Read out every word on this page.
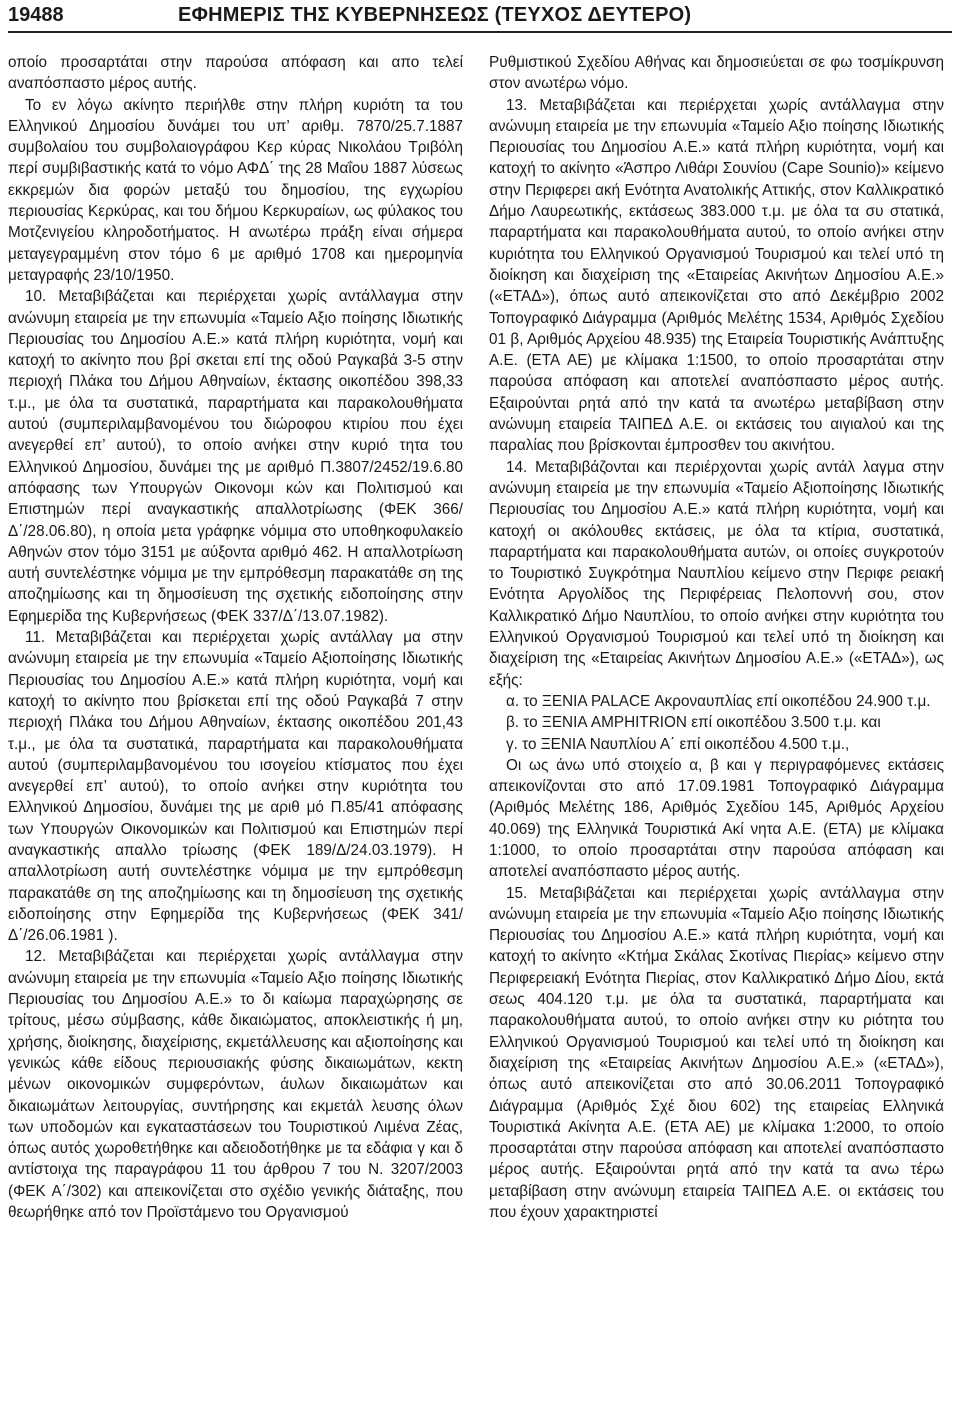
19488	ΕΦΗΜΕΡΙΣ ΤΗΣ ΚΥΒΕΡΝΗΣΕΩΣ (ΤΕΥΧΟΣ ΔΕΥΤΕΡΟ)

οποίο προσαρτάται στην παρούσα απόφαση και απο τελεί αναπόσπαστο μέρος αυτής.

Το εν λόγω ακίνητο περιήλθε στην πλήρη κυριότη τα του Ελληνικού Δημοσίου δυνάμει του υπ’ αριθμ. 7870/25.7.1887 συμβολαίου του συμβολαιογράφου Κερ κύρας Νικολάου Τριβόλη περί συμβιβαστικής κατά το νόμο ΑΦΔ΄ της 28 Μαΐου 1887 λύσεως εκκρεμών δια φορών μεταξύ του δημοσίου, της εγχωρίου περιουσίας Κερκύρας, και του δήμου Κερκυραίων, ως φύλακος του Μοτζενιγείου κληροδοτήματος. Η ανωτέρω πράξη είναι σήμερα μεταγεγραμμένη στον τόμο 6 με αριθμό 1708 και ημερομηνία μεταγραφής 23/10/1950.

10. Μεταβιβάζεται και περιέρχεται χωρίς αντάλλαγμα στην ανώνυμη εταιρεία με την επωνυμία «Ταμείο Αξιο ποίησης Ιδιωτικής Περιουσίας του Δημοσίου Α.Ε.» κατά πλήρη κυριότητα, νομή και κατοχή το ακίνητο που βρί σκεται επί της οδού Ραγκαβά 3-5 στην περιοχή Πλάκα του Δήμου Αθηναίων, έκτασης οικοπέδου 398,33 τ.μ., με όλα τα συστατικά, παραρτήματα και παρακολουθήματα αυτού (συμπεριλαμβανομένου του διώροφου κτιρίου που έχει ανεγερθεί επ’ αυτού), το οποίο ανήκει στην κυριό τητα του Ελληνικού Δημοσίου, δυνάμει της με αριθμό Π.3807/2452/19.6.80 απόφασης των Υπουργών Οικονομι κών και Πολιτισμού και Επιστημών περί αναγκαστικής απαλλοτρίωσης (ΦΕΚ 366/Δ΄/28.06.80), η οποία μετα γράφηκε νόμιμα στο υποθηκοφυλακείο Αθηνών στον τόμο 3151 με αύξοντα αριθμό 462. Η απαλλοτρίωση αυτή συντελέστηκε νόμιμα με την εμπρόθεσμη παρακατάθε ση της αποζημίωσης και τη δημοσίευση της σχετικής ειδοποίησης στην Εφημερίδα της Κυβερνήσεως (ΦΕΚ 337/Δ΄/13.07.1982).

11. Μεταβιβάζεται και περιέρχεται χωρίς αντάλλαγ μα στην ανώνυμη εταιρεία με την επωνυμία «Ταμείο Αξιοποίησης Ιδιωτικής Περιουσίας του Δημοσίου Α.Ε.» κατά πλήρη κυριότητα, νομή και κατοχή το ακίνητο που βρίσκεται επί της οδού Ραγκαβά 7 στην περιοχή Πλάκα του Δήμου Αθηναίων, έκτασης οικοπέδου 201,43 τ.μ., με όλα τα συστατικά, παραρτήματα και παρακολουθήματα αυτού (συμπεριλαμβανομένου του ισογείου κτίσματος που έχει ανεγερθεί επ’ αυτού), το οποίο ανήκει στην κυριότητα του Ελληνικού Δημοσίου, δυνάμει της με αριθ μό Π.85/41 απόφασης των Υπουργών Οικονομικών και Πολιτισμού και Επιστημών περί αναγκαστικής απαλλο τρίωσης (ΦΕΚ 189/Δ/24.03.1979). Η απαλλοτρίωση αυτή συντελέστηκε νόμιμα με την εμπρόθεσμη παρακατάθε ση της αποζημίωσης και τη δημοσίευση της σχετικής ειδοποίησης στην Εφημερίδα της Κυβερνήσεως (ΦΕΚ 341/Δ΄/26.06.1981 ).

12. Μεταβιβάζεται και περιέρχεται χωρίς αντάλλαγμα στην ανώνυμη εταιρεία με την επωνυμία «Ταμείο Αξιο ποίησης Ιδιωτικής Περιουσίας του Δημοσίου Α.Ε.» το δι καίωμα παραχώρησης σε τρίτους, μέσω σύμβασης, κάθε δικαιώματος, αποκλειστικής ή μη, χρήσης, διοίκησης, διαχείρισης, εκμετάλλευσης και αξιοποίησης και γενικώς κάθε είδους περιουσιακής φύσης δικαιωμάτων, κεκτη μένων οικονομικών συμφερόντων, άυλων δικαιωμάτων και δικαιωμάτων λειτουργίας, συντήρησης και εκμετάλ λευσης όλων των υποδομών και εγκαταστάσεων του Τουριστικού Λιμένα Ζέας, όπως αυτός χωροθετήθηκε και αδειοδοτήθηκε με τα εδάφια γ και δ αντίστοιχα της παραγράφου 11 του άρθρου 7 του Ν. 3207/2003 (ΦΕΚ Α΄/302) και απεικονίζεται στο σχέδιο γενικής διάταξης, που θεωρήθηκε από τον Προϊστάμενο του Οργανισμού

Ρυθμιστικού Σχεδίου Αθήνας και δημοσιεύεται σε φω τοσμίκρυνση στον ανωτέρω νόμο.

13. Μεταβιβάζεται και περιέρχεται χωρίς αντάλλαγμα στην ανώνυμη εταιρεία με την επωνυμία «Ταμείο Αξιο ποίησης Ιδιωτικής Περιουσίας του Δημοσίου Α.Ε.» κατά πλήρη κυριότητα, νομή και κατοχή το ακίνητο «Άσπρο Λιθάρι Σουνίου (Cape Sounio)» κείμενο στην Περιφερει ακή Ενότητα Ανατολικής Αττικής, στον Καλλικρατικό Δήμο Λαυρεωτικής, εκτάσεως 383.000 τ.μ. με όλα τα συ στατικά, παραρτήματα και παρακολουθήματα αυτού, το οποίο ανήκει στην κυριότητα του Ελληνικού Οργανισμού Τουρισμού και τελεί υπό τη διοίκηση και διαχείριση της «Εταιρείας Ακινήτων Δημοσίου Α.Ε.» («ΕΤΑΔ»), όπως αυτό απεικονίζεται στο από Δεκέμβριο 2002 Τοπογραφικό Διάγραμμα (Αριθμός Μελέτης 1534, Αριθμός Σχεδίου 01 β, Αριθμός Αρχείου 48.935) της Εταιρεία Τουριστικής Ανάπτυξης Α.Ε. (ΕΤΑ ΑΕ) με κλίμακα 1:1500, το οποίο προσαρτάται στην παρούσα απόφαση και αποτελεί αναπόσπαστο μέρος αυτής. Εξαιρούνται ρητά από την κατά τα ανωτέρω μεταβίβαση στην ανώνυμη εταιρεία ΤΑΙΠΕΔ Α.Ε. οι εκτάσεις του αιγιαλού και της παραλίας που βρίσκονται έμπροσθεν του ακινήτου.

14. Μεταβιβάζονται και περιέρχονται χωρίς αντάλ λαγμα στην ανώνυμη εταιρεία με την επωνυμία «Ταμείο Αξιοποίησης Ιδιωτικής Περιουσίας του Δημοσίου Α.Ε.» κατά πλήρη κυριότητα, νομή και κατοχή οι ακόλουθες εκτάσεις, με όλα τα κτίρια, συστατικά, παραρτήματα και παρακολουθήματα αυτών, οι οποίες συγκροτούν το Τουριστικό Συγκρότημα Ναυπλίου κείμενο στην Περιφε ρειακή Ενότητα Αργολίδος της Περιφέρειας Πελοποννή σου, στον Καλλικρατικό Δήμο Ναυπλίου, το οποίο ανήκει στην κυριότητα του Ελληνικού Οργανισμού Τουρισμού και τελεί υπό τη διοίκηση και διαχείριση της «Εταιρείας Ακινήτων Δημοσίου Α.Ε.» («ΕΤΑΔ»), ως εξής:

α. το ΞΕΝΙΑ PALACE Ακροναυπλίας επί οικοπέδου 24.900 τ.μ.

β. το ΞΕΝΙΑ AMPHITRION επί οικοπέδου 3.500 τ.μ. και

γ. το ΞΕΝΙΑ Ναυπλίου Α΄ επί οικοπέδου 4.500 τ.μ.,

Οι ως άνω υπό στοιχείο α, β και γ περιγραφόμενες εκτάσεις απεικονίζονται στο από 17.09.1981 Τοπογραφικό Διάγραμμα (Αριθμός Μελέτης 186, Αριθμός Σχεδίου 145, Αριθμός Αρχείου 40.069) της Ελληνικά Τουριστικά Ακί νητα Α.Ε. (ΕΤΑ) με κλίμακα 1:1000, το οποίο προσαρτάται στην παρούσα απόφαση και αποτελεί αναπόσπαστο μέρος αυτής.

15. Μεταβιβάζεται και περιέρχεται χωρίς αντάλλαγμα στην ανώνυμη εταιρεία με την επωνυμία «Ταμείο Αξιο ποίησης Ιδιωτικής Περιουσίας του Δημοσίου Α.Ε.» κατά πλήρη κυριότητα, νομή και κατοχή το ακίνητο «Κτήμα Σκάλας Σκοτίνας Πιερίας» κείμενο στην Περιφερειακή Ενότητα Πιερίας, στον Καλλικρατικό Δήμο Δίου, εκτά σεως 404.120 τ.μ. με όλα τα συστατικά, παραρτήματα και παρακολουθήματα αυτού, το οποίο ανήκει στην κυ ριότητα του Ελληνικού Οργανισμού Τουρισμού και τελεί υπό τη διοίκηση και διαχείριση της «Εταιρείας Ακινήτων Δημοσίου Α.Ε.» («ΕΤΑΔ»), όπως αυτό απεικονίζεται στο από 30.06.2011 Τοπογραφικό Διάγραμμα (Αριθμός Σχέ διου 602) της εταιρείας Ελληνικά Τουριστικά Ακίνητα Α.Ε. (ΕΤΑ ΑΕ) με κλίμακα 1:2000, το οποίο προσαρτάται στην παρούσα απόφαση και αποτελεί αναπόσπαστο μέρος αυτής. Εξαιρούνται ρητά από την κατά τα ανω τέρω μεταβίβαση στην ανώνυμη εταιρεία ΤΑΙΠΕΔ Α.Ε. οι εκτάσεις του που έχουν χαρακτηριστεί
